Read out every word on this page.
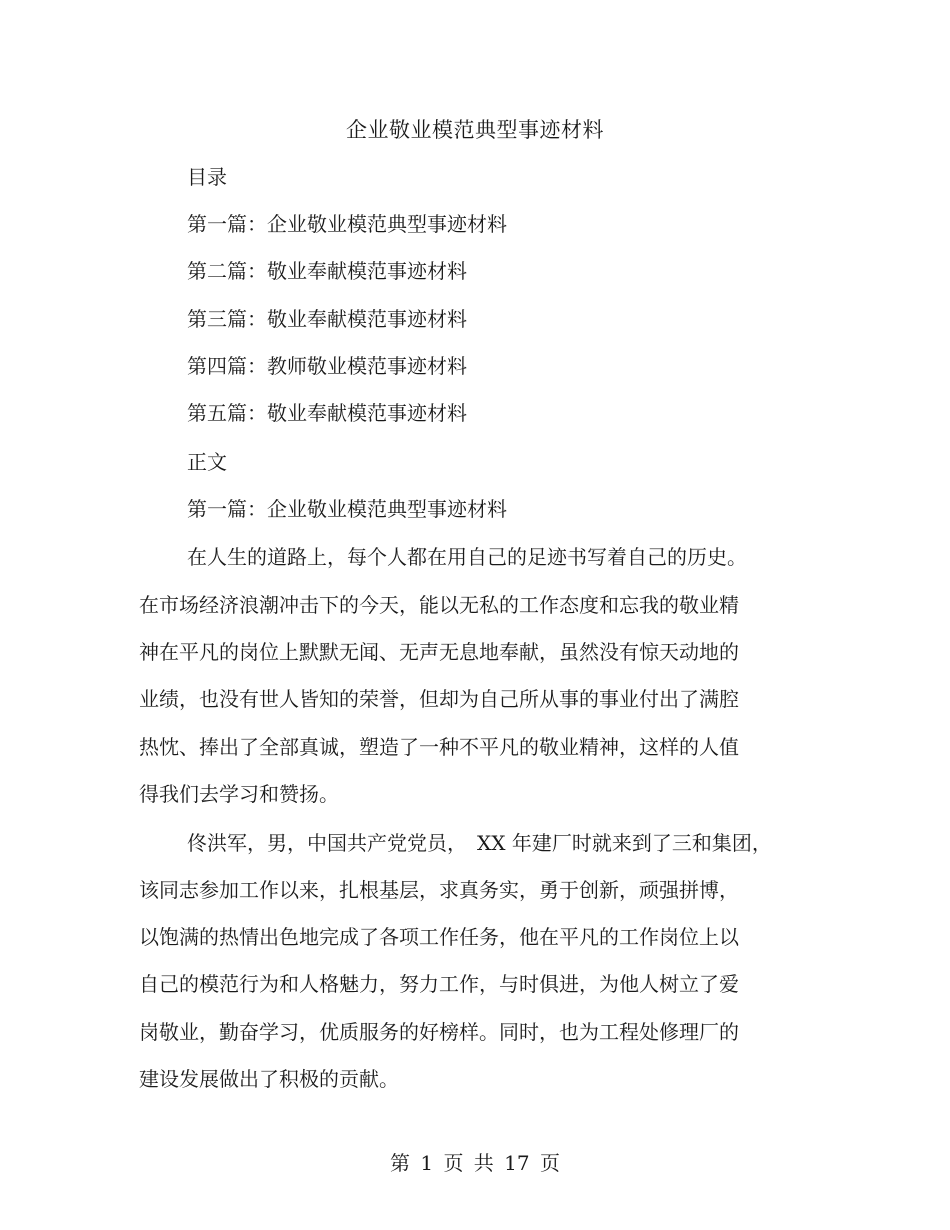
企业敬业模范典型事迹材料
目录
第一篇：企业敬业模范典型事迹材料
第二篇：敬业奉献模范事迹材料
第三篇：敬业奉献模范事迹材料
第四篇：教师敬业模范事迹材料
第五篇：敬业奉献模范事迹材料
正文
第一篇：企业敬业模范典型事迹材料
在人生的道路上，每个人都在用自己的足迹书写着自己的历史。
在市场经济浪潮冲击下的今天，能以无私的工作态度和忘我的敬业精
神在平凡的岗位上默默无闻、无声无息地奉献，虽然没有惊天动地的
业绩，也没有世人皆知的荣誉，但却为自己所从事的事业付出了满腔
热忱、捧出了全部真诚，塑造了一种不平凡的敬业精神，这样的人值
得我们去学习和赞扬。
佟洪军，男，中国共产党党员，　XX 年建厂时就来到了三和集团，
该同志参加工作以来，扎根基层，求真务实，勇于创新，顽强拼博，
以饱满的热情出色地完成了各项工作任务，他在平凡的工作岗位上以
自己的模范行为和人格魅力，努力工作，与时俱进，为他人树立了爱
岗敬业，勤奋学习，优质服务的好榜样。同时，也为工程处修理厂的
建设发展做出了积极的贡献。
第 1 页 共 17 页
